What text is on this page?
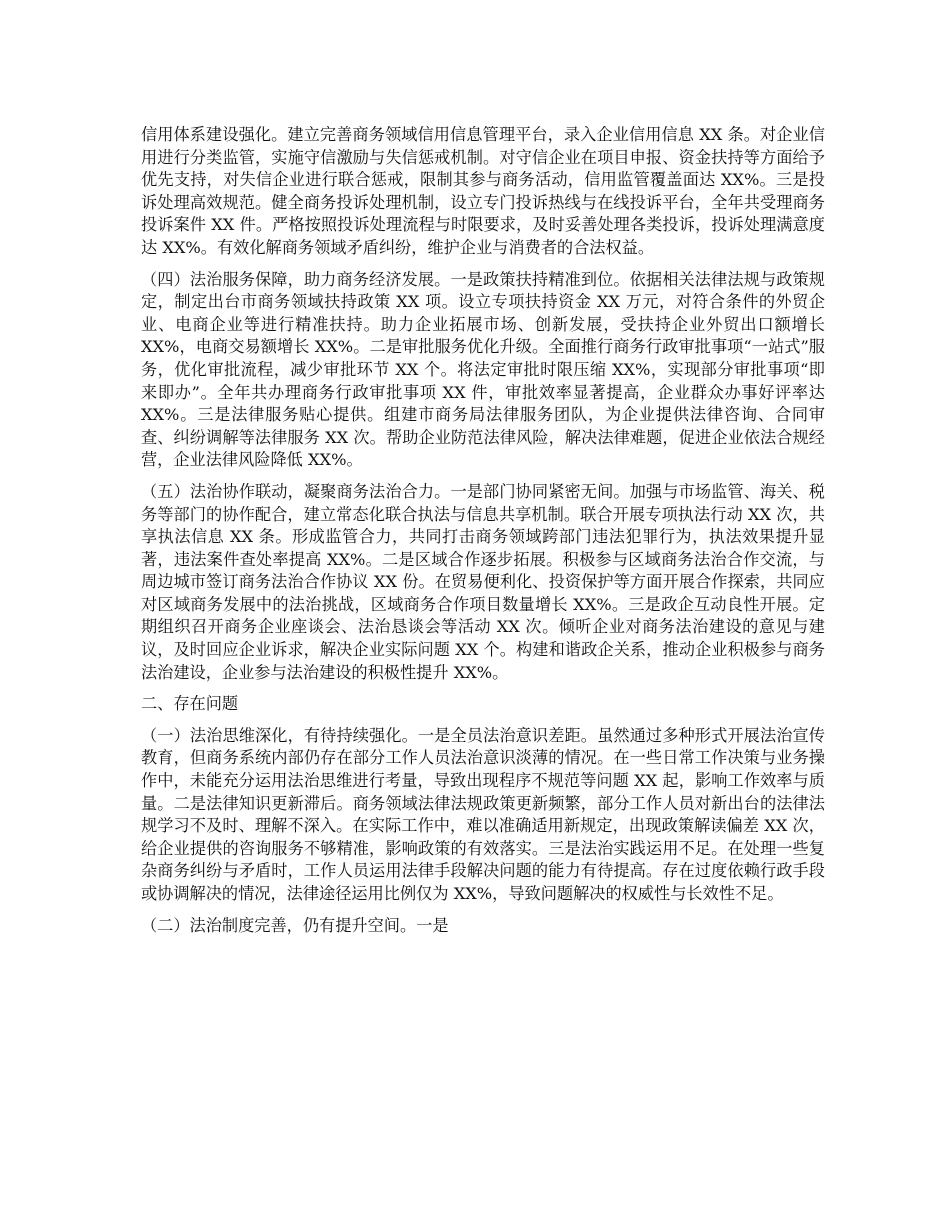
信用体系建设强化。建立完善商务领域信用信息管理平台，录入企业信用信息 XX 条。对企业信用进行分类监管，实施守信激励与失信惩戒机制。对守信企业在项目申报、资金扶持等方面给予优先支持，对失信企业进行联合惩戒，限制其参与商务活动，信用监管覆盖面达 XX%。三是投诉处理高效规范。健全商务投诉处理机制，设立专门投诉热线与在线投诉平台，全年共受理商务投诉案件 XX 件。严格按照投诉处理流程与时限要求，及时妥善处理各类投诉，投诉处理满意度达 XX%。有效化解商务领域矛盾纠纷，维护企业与消费者的合法权益。

（四）法治服务保障，助力商务经济发展。一是政策扶持精准到位。依据相关法律法规与政策规定，制定出台市商务领域扶持政策 XX 项。设立专项扶持资金 XX 万元，对符合条件的外贸企业、电商企业等进行精准扶持。助力企业拓展市场、创新发展，受扶持企业外贸出口额增长 XX%，电商交易额增长 XX%。二是审批服务优化升级。全面推行商务行政审批事项“一站式”服务，优化审批流程，减少审批环节 XX 个。将法定审批时限压缩 XX%，实现部分审批事项“即来即办”。全年共办理商务行政审批事项 XX 件，审批效率显著提高，企业群众办事好评率达 XX%。三是法律服务贴心提供。组建市商务局法律服务团队，为企业提供法律咨询、合同审查、纠纷调解等法律服务 XX 次。帮助企业防范法律风险，解决法律难题，促进企业依法合规经营，企业法律风险降低 XX%。

（五）法治协作联动，凝聚商务法治合力。一是部门协同紧密无间。加强与市场监管、海关、税务等部门的协作配合，建立常态化联合执法与信息共享机制。联合开展专项执法行动 XX 次，共享执法信息 XX 条。形成监管合力，共同打击商务领域跨部门违法犯罪行为，执法效果提升显著，违法案件查处率提高 XX%。二是区域合作逐步拓展。积极参与区域商务法治合作交流，与周边城市签订商务法治合作协议 XX 份。在贸易便利化、投资保护等方面开展合作探索，共同应对区域商务发展中的法治挑战，区域商务合作项目数量增长 XX%。三是政企互动良性开展。定期组织召开商务企业座谈会、法治恳谈会等活动 XX 次。倾听企业对商务法治建设的意见与建议，及时回应企业诉求，解决企业实际问题 XX 个。构建和谐政企关系，推动企业积极参与商务法治建设，企业参与法治建设的积极性提升 XX%。

二、存在问题

（一）法治思维深化，有待持续强化。一是全员法治意识差距。虽然通过多种形式开展法治宣传教育，但商务系统内部仍存在部分工作人员法治意识淡薄的情况。在一些日常工作决策与业务操作中，未能充分运用法治思维进行考量，导致出现程序不规范等问题 XX 起，影响工作效率与质量。二是法律知识更新滞后。商务领域法律法规政策更新频繁，部分工作人员对新出台的法律法规学习不及时、理解不深入。在实际工作中，难以准确适用新规定，出现政策解读偏差 XX 次，给企业提供的咨询服务不够精准，影响政策的有效落实。三是法治实践运用不足。在处理一些复杂商务纠纷与矛盾时，工作人员运用法律手段解决问题的能力有待提高。存在过度依赖行政手段或协调解决的情况，法律途径运用比例仅为 XX%，导致问题解决的权威性与长效性不足。

（二）法治制度完善，仍有提升空间。一是
